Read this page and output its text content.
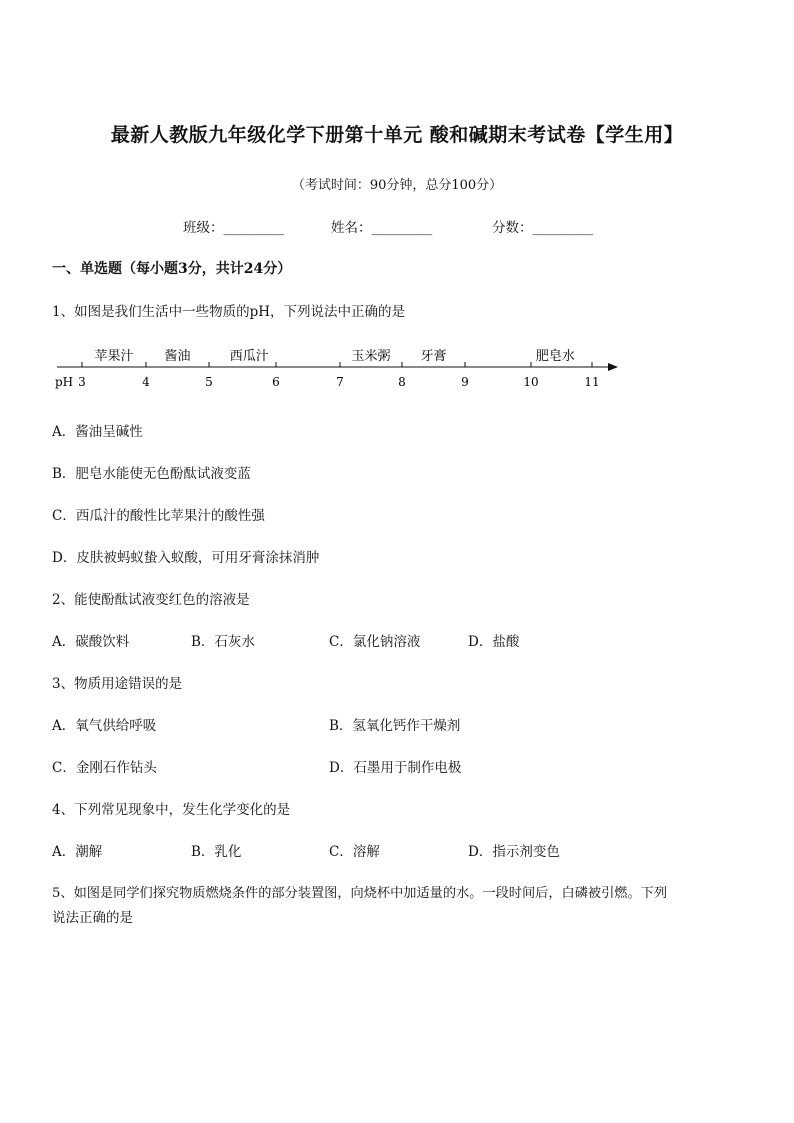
最新人教版九年级化学下册第十单元 酸和碱期末考试卷【学生用】
（考试时间：90分钟，总分100分）
班级：_________	姓名：_________	分数：_________
一、单选题（每小题3分，共计24分）
1、如图是我们生活中一些物质的pH，下列说法中正确的是
pH 3	4	5	6	7	8	9	10	11
苹果汁 酱油	西瓜汁	玉米粥 牙膏	肥皂水
A．酱油呈碱性
B．肥皂水能使无色酚酞试液变蓝
C．西瓜汁的酸性比苹果汁的酸性强
D．皮肤被蚂蚁蛰入蚁酸，可用牙膏涂抹消肿
2、能使酚酞试液变红色的溶液是
A．碳酸饮料	B．石灰水	C．氯化钠溶液	D．盐酸
3、物质用途错误的是
A．氧气供给呼吸	B．氢氧化钙作干燥剂
C．金刚石作钻头	D．石墨用于制作电极
4、下列常见现象中，发生化学变化的是
A．潮解	B．乳化	C．溶解	D．指示剂变色
5、如图是同学们探究物质燃烧条件的部分装置图，向烧杯中加适量的水。一段时间后，白磷被引燃。下列
说法正确的是
